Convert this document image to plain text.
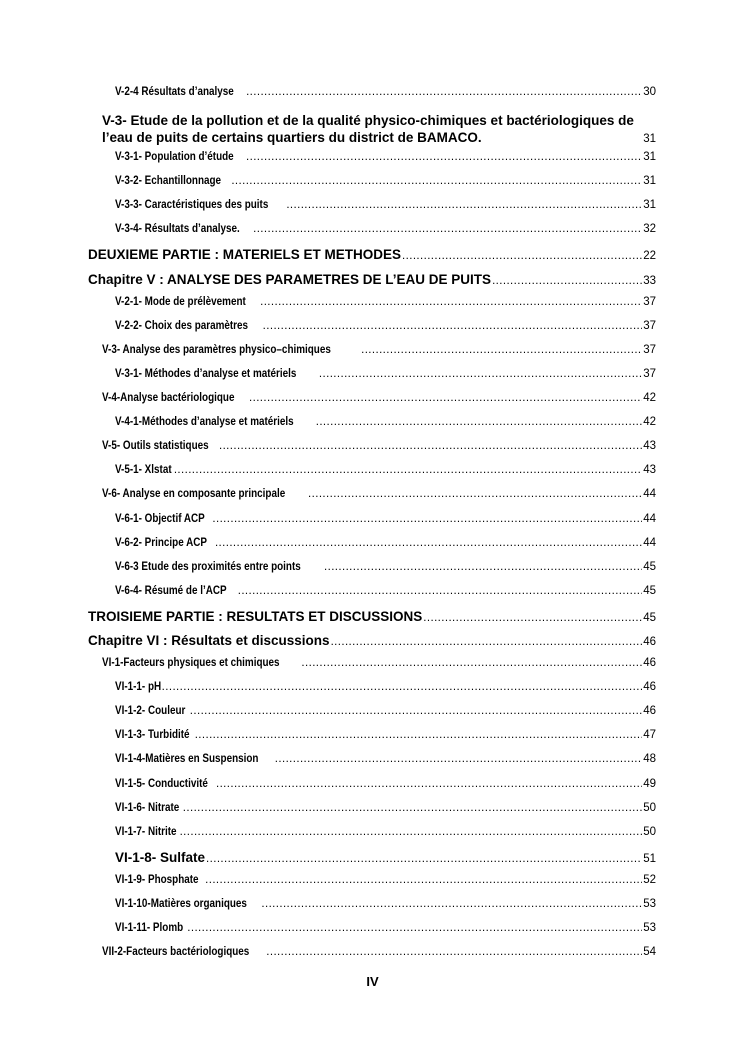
V-2-4 Résultats d’analyse .....	30
V-3- Etude de la pollution et de la qualité physico-chimiques et bactériologiques de
l’eau de puits de certains quartiers du district de BAMACO.	31
V-3-1- Population d’étude .....	31
V-3-2- Echantillonnage .....	31
V-3-3- Caractéristiques des puits .....	31
V-3-4- Résultats d’analyse. .....	32
DEUXIEME PARTIE : MATERIELS ET METHODES .....	22
Chapitre V : ANALYSE DES PARAMETRES DE L’EAU DE PUITS .....	33
V-2-1- Mode de prélèvement .....	37
V-2-2- Choix des paramètres .....	37
V-3- Analyse des paramètres physico–chimiques .....	37
V-3-1- Méthodes d’analyse et matériels .....	37
V-4-Analyse bactériologique .....	42
V-4-1-Méthodes d’analyse et matériels .....	42
V-5- Outils statistiques .....	43
V-5-1- Xlstat .....	43
V-6- Analyse en composante principale .....	44
V-6-1- Objectif ACP .....	44
V-6-2- Principe ACP .....	44
V-6-3 Etude des proximités entre points .....	45
V-6-4- Résumé de l’ACP .....	45
TROISIEME PARTIE : RESULTATS ET DISCUSSIONS .....	45
Chapitre VI : Résultats et discussions .....	46
VI-1-Facteurs physiques et chimiques .....	46
VI-1-1- pH .....	46
VI-1-2- Couleur .....	46
VI-1-3- Turbidité .....	47
VI-1-4-Matières en Suspension .....	48
VI-1-5- Conductivité .....	49
VI-1-6- Nitrate .....	50
VI-1-7- Nitrite .....	50
VI-1-8- Sulfate .....	51
VI-1-9- Phosphate .....	52
VI-1-10-Matières organiques .....	53
VI-1-11- Plomb .....	53
VII-2-Facteurs bactériologiques .....	54
IV
